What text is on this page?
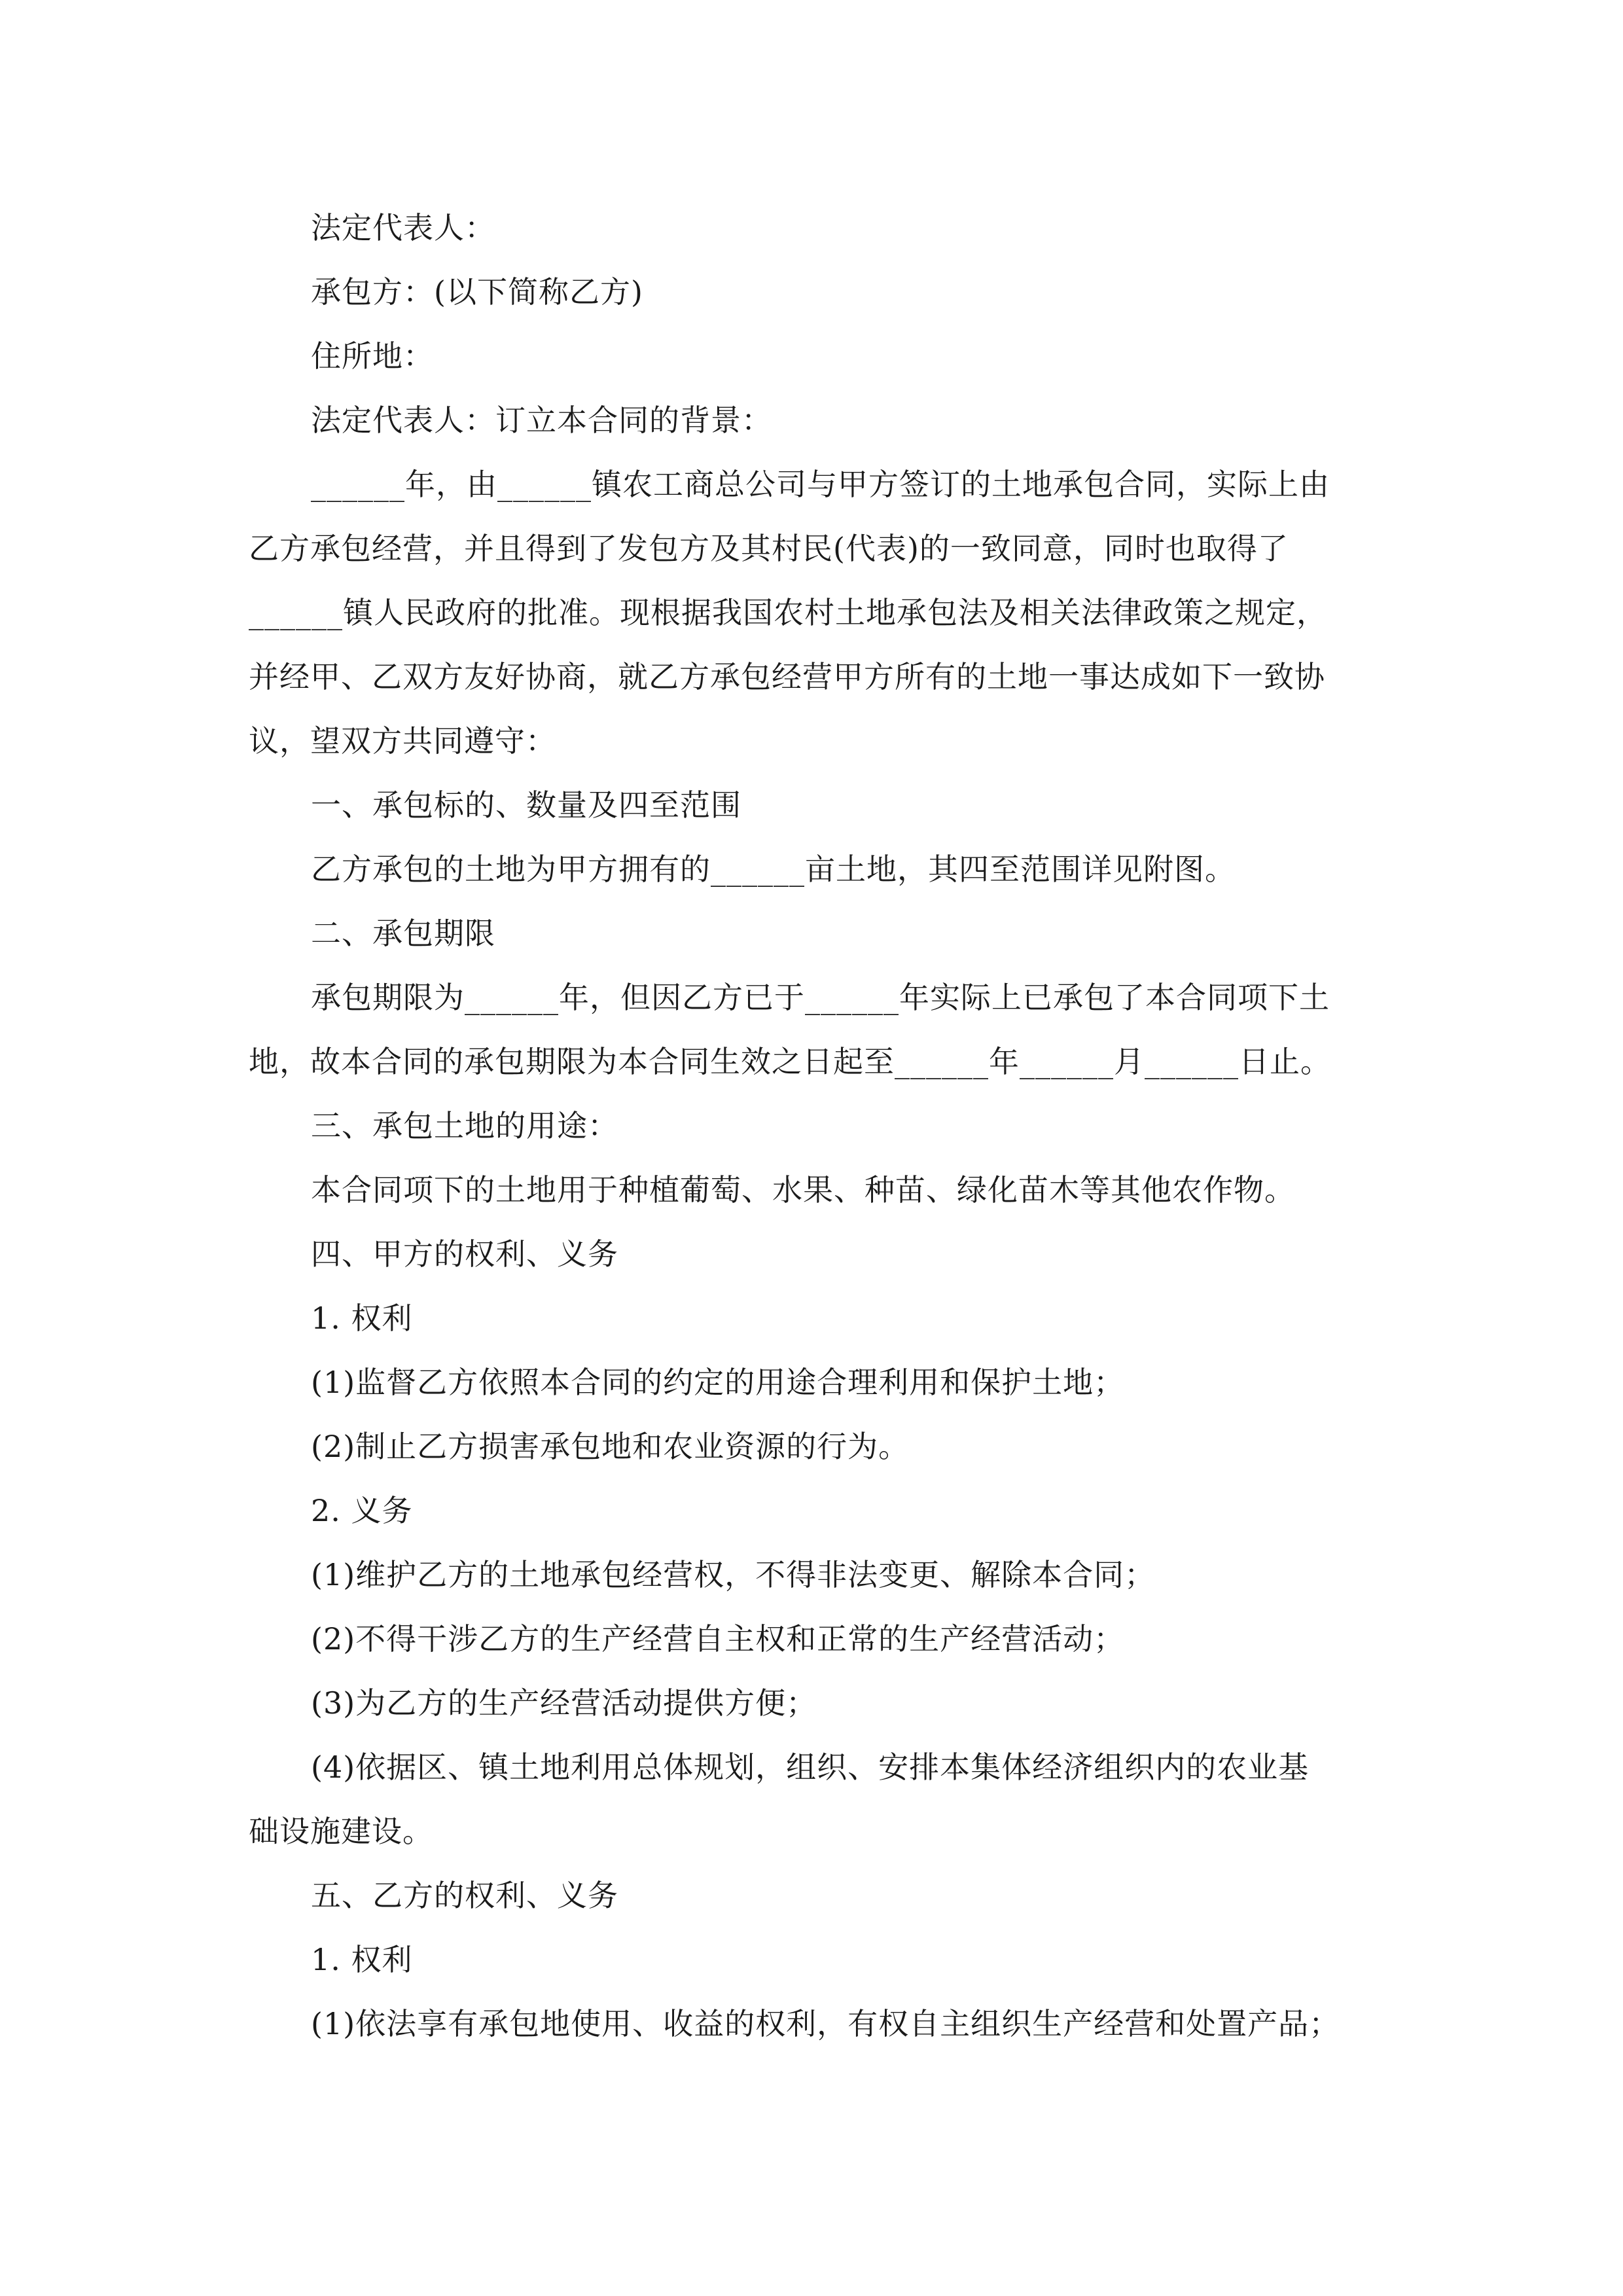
法定代表人：
承包方：(以下简称乙方)
住所地：
法定代表人：订立本合同的背景：
______年，由______镇农工商总公司与甲方签订的土地承包合同，实际上由
乙方承包经营，并且得到了发包方及其村民(代表)的一致同意，同时也取得了
______镇人民政府的批准。现根据我国农村土地承包法及相关法律政策之规定，
并经甲、乙双方友好协商，就乙方承包经营甲方所有的土地一事达成如下一致协
议，望双方共同遵守：
一、承包标的、数量及四至范围
乙方承包的土地为甲方拥有的______亩土地，其四至范围详见附图。
二、承包期限
承包期限为______年，但因乙方已于______年实际上已承包了本合同项下土
地，故本合同的承包期限为本合同生效之日起至______年______月______日止。
三、承包土地的用途：
本合同项下的土地用于种植葡萄、水果、种苗、绿化苗木等其他农作物。
四、甲方的权利、义务
1. 权利
(1)监督乙方依照本合同的约定的用途合理利用和保护土地；
(2)制止乙方损害承包地和农业资源的行为。
2. 义务
(1)维护乙方的土地承包经营权，不得非法变更、解除本合同；
(2)不得干涉乙方的生产经营自主权和正常的生产经营活动；
(3)为乙方的生产经营活动提供方便；
(4)依据区、镇土地利用总体规划，组织、安排本集体经济组织内的农业基
础设施建设。
五、乙方的权利、义务
1. 权利
(1)依法享有承包地使用、收益的权利，有权自主组织生产经营和处置产品；
